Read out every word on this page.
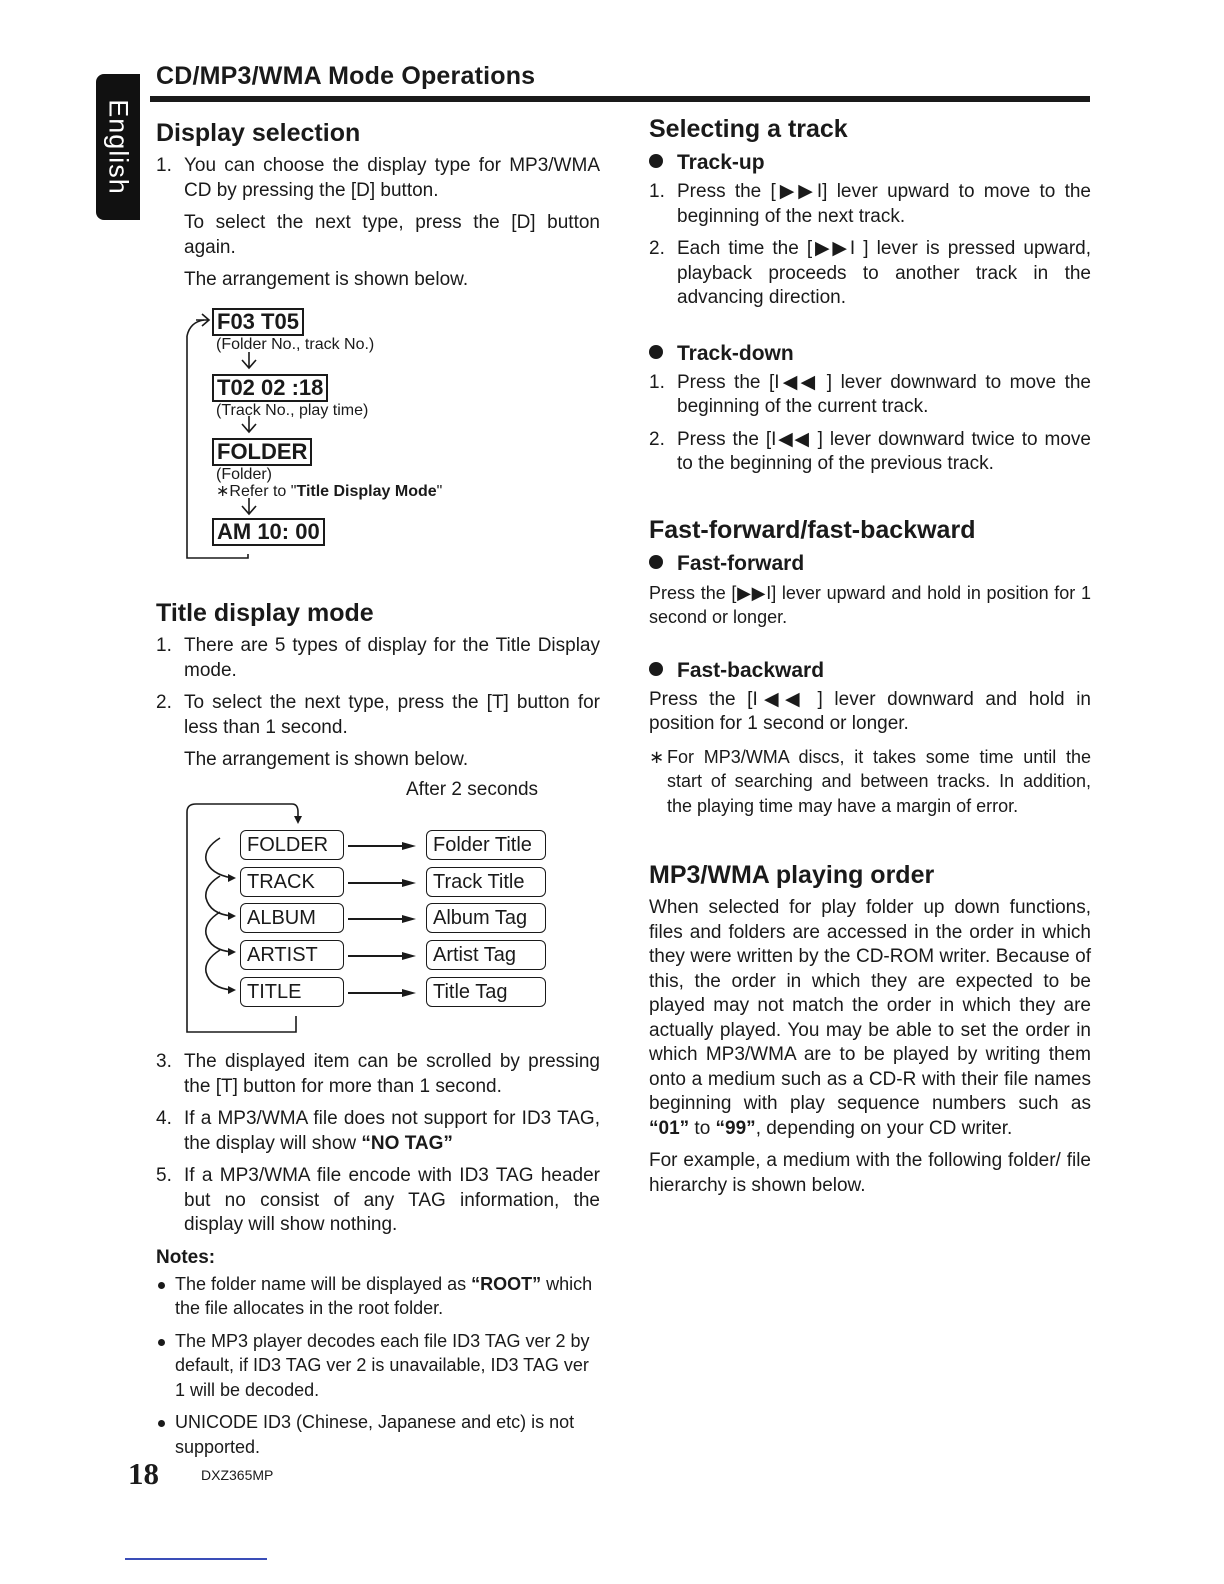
English
CD/MP3/WMA Mode Operations
Display selection
1. You can choose the display type for MP3/WMA CD by pressing the [D] button.

To select the next type, press the [D] button again.

The arrangement is shown below.

F03 T05
(Folder No., track No.)
T02 02 :18
(Track No., play time)
FOLDER
(Folder)
∗Refer to "Title Display Mode"
AM 10: 00
Title display mode
1. There are 5 types of display for the Title Display mode.
2. To select the next type, press the [T] button for less than 1 second.

The arrangement is shown below.

After 2 seconds
FOLDER
TRACK
ALBUM
ARTIST
TITLE
Folder Title
Track Title
Album Tag
Artist Tag
Title Tag
3. The displayed item can be scrolled by pressing the [T] button for more than 1 second.
4. If a MP3/WMA file does not support for ID3 TAG, the display will show “NO TAG”
5. If a MP3/WMA file encode with ID3 TAG header but no consist of any TAG information, the display will show nothing.
Notes:
The folder name will be displayed as “ROOT” which the file allocates in the root folder.
The MP3 player decodes each file ID3 TAG ver 2 by default, if ID3 TAG ver 2 is unavailable, ID3 TAG ver 1 will be decoded.
UNICODE ID3 (Chinese, Japanese and etc) is not supported.
Selecting a track
Track-up
1. Press the [▶▶I] lever upward to move to the beginning of the next track.
2. Each time the [▶▶I ] lever is pressed upward, playback proceeds to another track in the advancing direction.
Track-down
1. Press the [I◀◀ ] lever downward to move the beginning of the current track.
2. Press the [I◀◀ ] lever downward twice to move to the beginning of the previous track.
Fast-forward/fast-backward
Fast-forward

Press the [▶▶I] lever upward and hold in position for 1 second or longer.

Fast-backward

Press the [I◀◀ ] lever downward and hold in position for 1 second or longer.

∗ For MP3/WMA discs, it takes some time until the start of searching and between tracks. In addition, the playing time may have a margin of error.
MP3/WMA playing order

When selected for play folder up down functions, files and folders are accessed in the order in which they were written by the CD-ROM writer. Because of this, the order in which they are expected to be played may not match the order in which they are actually played. You may be able to set the order in which MP3/WMA are to be played by writing them onto a medium such as a CD-R with their file names beginning with play sequence numbers such as “01” to “99”, depending on your CD writer.

For example, a medium with the following folder/ file hierarchy is shown below.

18	DXZ365MP
